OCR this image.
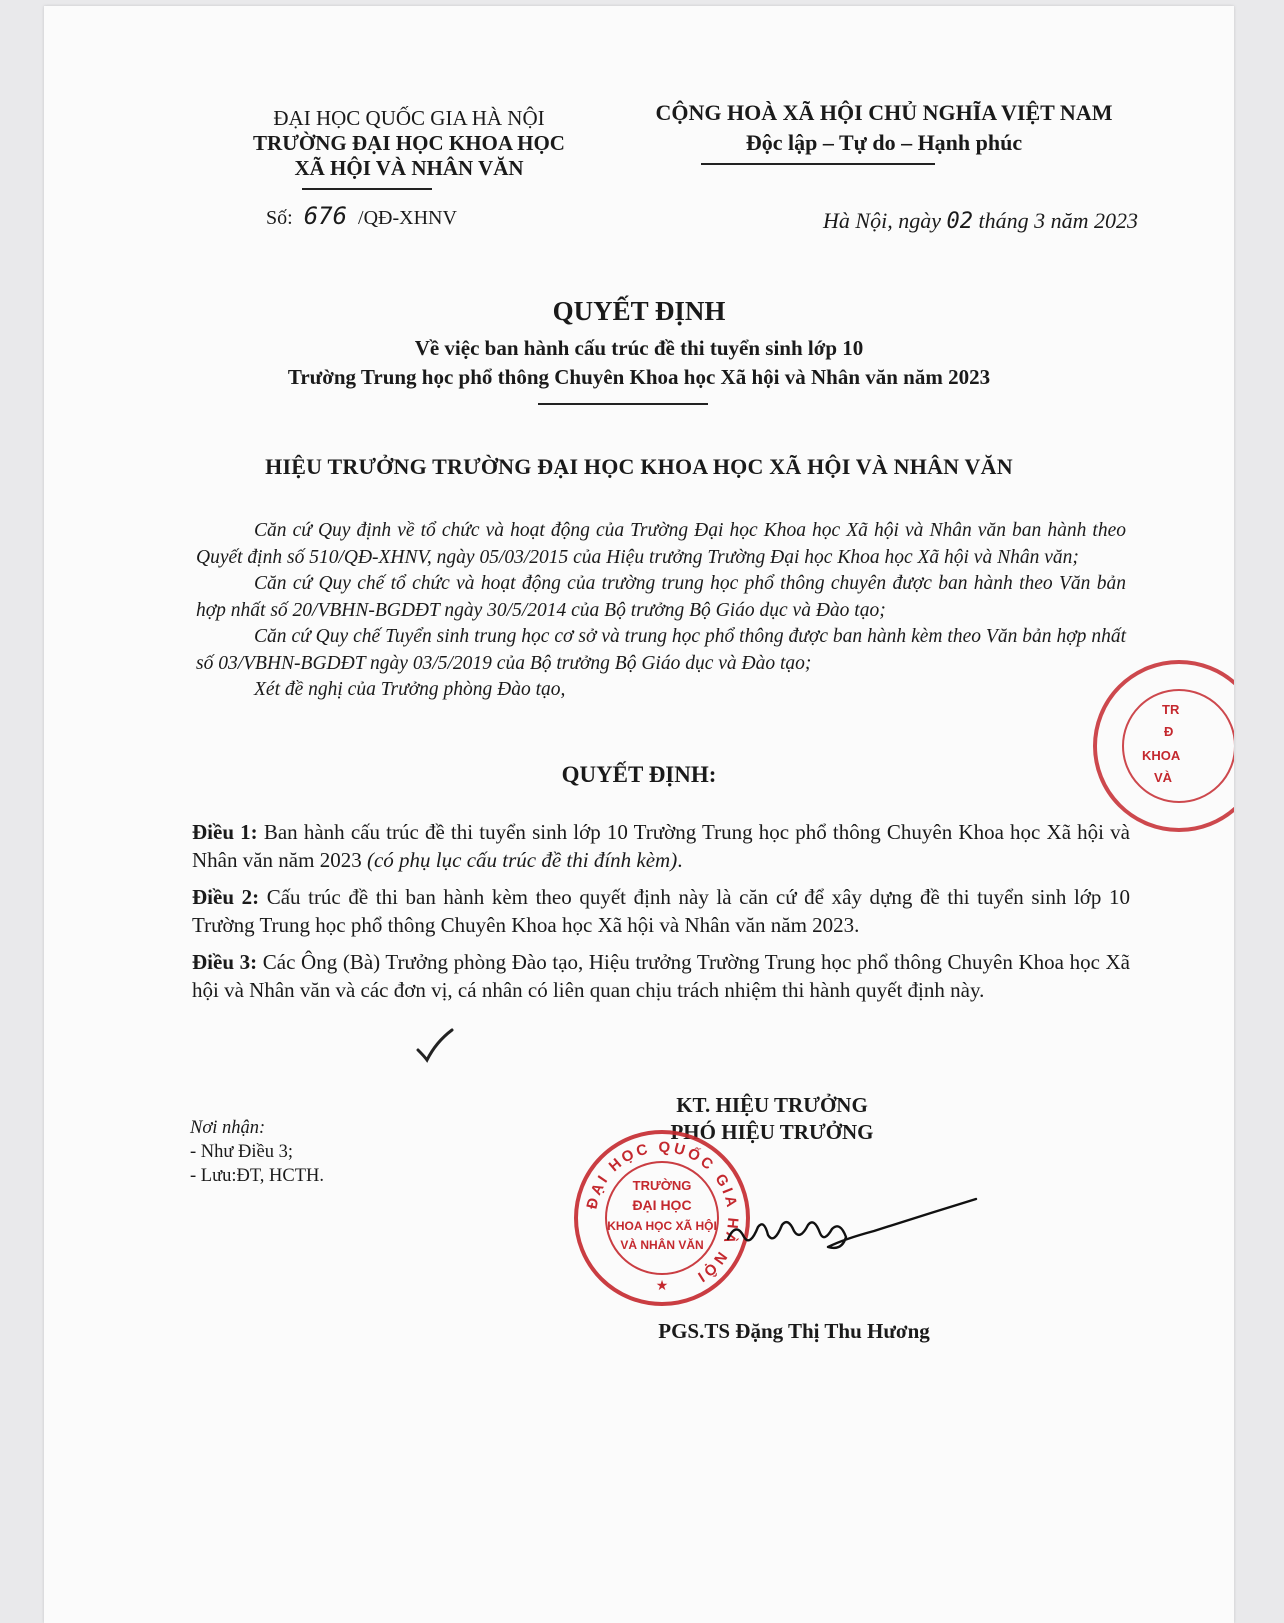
ĐẠI HỌC QUỐC GIA HÀ NỘI
TRƯỜNG ĐẠI HỌC KHOA HỌC
XÃ HỘI VÀ NHÂN VĂN
Số: 676 /QĐ-XHNV
CỘNG HOÀ XÃ HỘI CHỦ NGHĨA VIỆT NAM
Độc lập – Tự do – Hạnh phúc
Hà Nội, ngày 02 tháng 3 năm 2023
QUYẾT ĐỊNH
Về việc ban hành cấu trúc đề thi tuyển sinh lớp 10
Trường Trung học phổ thông Chuyên Khoa học Xã hội và Nhân văn năm 2023
HIỆU TRƯỞNG TRƯỜNG ĐẠI HỌC KHOA HỌC XÃ HỘI VÀ NHÂN VĂN

Căn cứ Quy định về tổ chức và hoạt động của Trường Đại học Khoa học Xã hội và Nhân văn ban hành theo Quyết định số 510/QĐ-XHNV, ngày 05/03/2015 của Hiệu trưởng Trường Đại học Khoa học Xã hội và Nhân văn;

Căn cứ Quy chế tổ chức và hoạt động của trường trung học phổ thông chuyên được ban hành theo Văn bản hợp nhất số 20/VBHN-BGDĐT ngày 30/5/2014 của Bộ trưởng Bộ Giáo dục và Đào tạo;

Căn cứ Quy chế Tuyển sinh trung học cơ sở và trung học phổ thông được ban hành kèm theo Văn bản hợp nhất số 03/VBHN-BGDĐT ngày 03/5/2019 của Bộ trưởng Bộ Giáo dục và Đào tạo;

Xét đề nghị của Trưởng phòng Đào tạo,

QUYẾT ĐỊNH:

Điều 1: Ban hành cấu trúc đề thi tuyển sinh lớp 10 Trường Trung học phổ thông Chuyên Khoa học Xã hội và Nhân văn năm 2023 (có phụ lục cấu trúc đề thi đính kèm).

Điều 2: Cấu trúc đề thi ban hành kèm theo quyết định này là căn cứ để xây dựng đề thi tuyển sinh lớp 10 Trường Trung học phổ thông Chuyên Khoa học Xã hội và Nhân văn năm 2023.

Điều 3: Các Ông (Bà) Trưởng phòng Đào tạo, Hiệu trưởng Trường Trung học phổ thông Chuyên Khoa học Xã hội và Nhân văn và các đơn vị, cá nhân có liên quan chịu trách nhiệm thi hành quyết định này.

Nơi nhận:
- Như Điều 3;
- Lưu:ĐT, HCTH.
KT. HIỆU TRƯỞNG
PHÓ HIỆU TRƯỞNG
ĐẠI HỌC QUỐC GIA HÀ NỘI
TRƯỜNG
ĐẠI HỌC
KHOA HỌC XÃ HỘI
VÀ NHÂN VĂN
★
PGS.TS Đặng Thị Thu Hương
TR
Đ
KHOA
VÀ
